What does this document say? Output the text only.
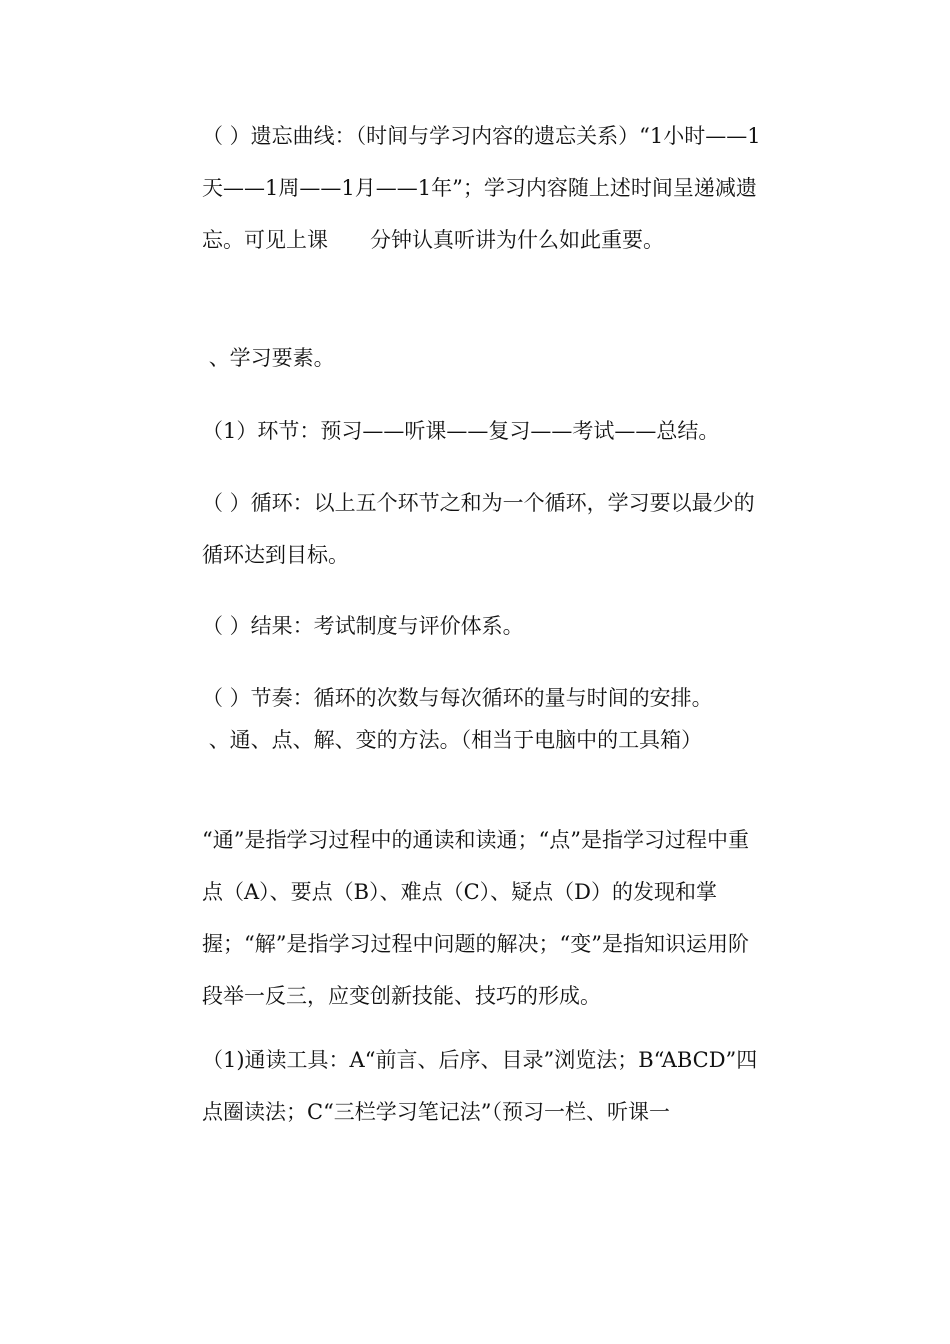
（ ）遗忘曲线：（时间与学习内容的遗忘关系）“1小时——1天——1周——1月——1年”；学习内容随上述时间呈递减遗忘。可见上课　　分钟认真听讲为什么如此重要。

、学习要素。

（1）环节：预习——听课——复习——考试——总结。

（ ）循环：以上五个环节之和为一个循环，学习要以最少的循环达到目标。

（ ）结果：考试制度与评价体系。

（ ）节奏：循环的次数与每次循环的量与时间的安排。

、通、点、解、变的方法。（相当于电脑中的工具箱）

“通”是指学习过程中的通读和读通；“点”是指学习过程中重点（A）、要点（B）、难点（C）、疑点（D）的发现和掌握；“解”是指学习过程中问题的解决；“变”是指知识运用阶段举一反三，应变创新技能、技巧的形成。

（1)通读工具：A“前言、后序、目录”浏览法；B“ABCD”四点圈读法；C“三栏学习笔记法”（预习一栏、听课一
